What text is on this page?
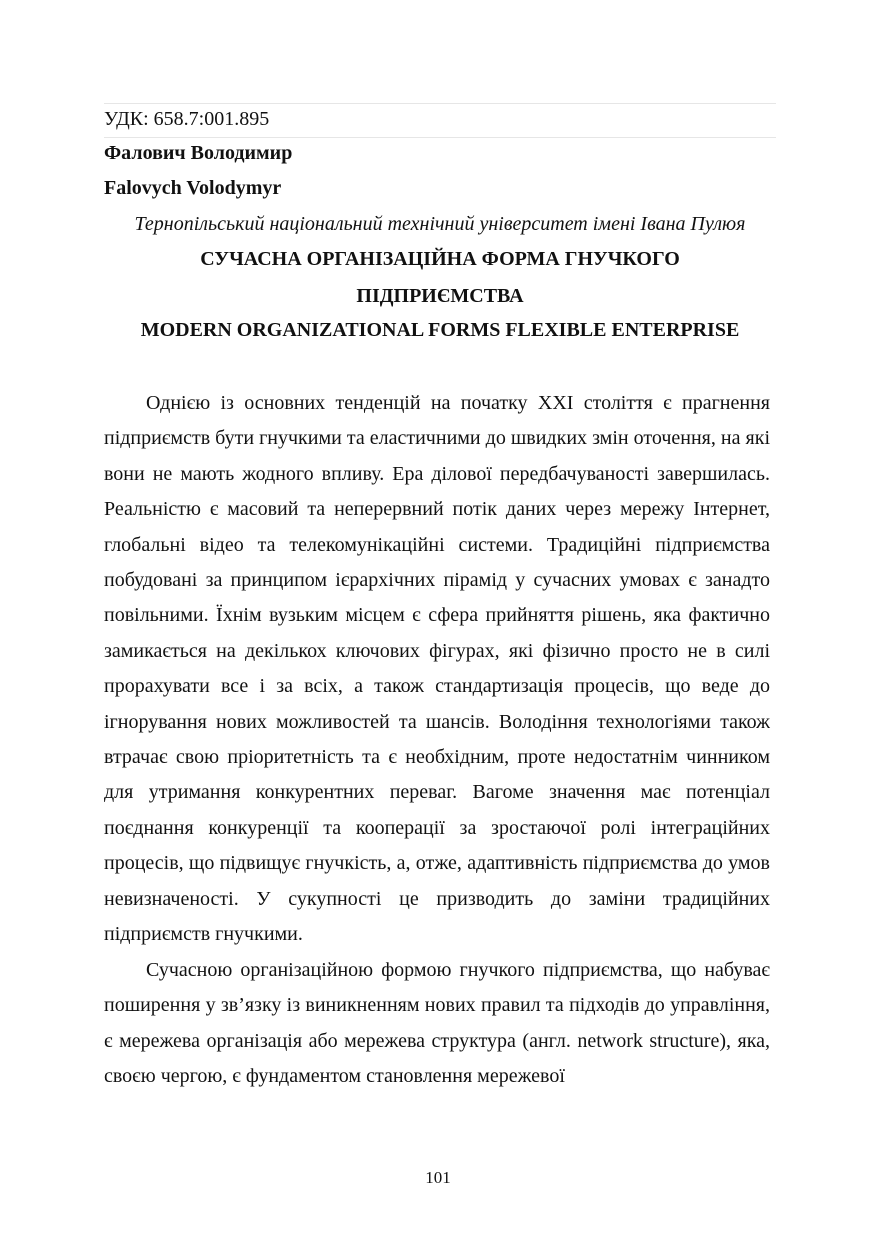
УДК: 658.7:001.895
Фалович Володимир
Falovych Volodymyr
Тернопільський національний технічний університет імені Івана Пулюя
СУЧАСНА ОРГАНІЗАЦІЙНА ФОРМА ГНУЧКОГО
ПІДПРИЄМСТВА
MODERN ORGANIZATIONAL FORMS FLEXIBLE ENTERPRISE
Однією із основних тенденцій на початку ХХІ століття є прагнення підприємств бути гнучкими та еластичними до швидких змін оточення, на які вони не мають жодного впливу. Ера ділової передбачуваності завершилась. Реальністю є масовий та неперервний потік даних через мережу Інтернет, глобальні відео та телекомунікаційні системи. Традиційні підприємства побудовані за принципом ієрархічних пірамід у сучасних умовах є занадто повільними. Їхнім вузьким місцем є сфера прийняття рішень, яка фактично замикається на декількох ключових фігурах, які фізично просто не в силі прорахувати все і за всіх, а також стандартизація процесів, що веде до ігнорування нових можливостей та шансів. Володіння технологіями також втрачає свою пріоритетність та є необхідним, проте недостатнім чинником для утримання конкурентних переваг. Вагоме значення має потенціал поєднання конкуренції та кооперації за зростаючої ролі інтеграційних процесів, що підвищує гнучкість, а, отже, адаптивність підприємства до умов невизначеності. У сукупності це призводить до заміни традиційних підприємств гнучкими.
Сучасною організаційною формою гнучкого підприємства, що набуває поширення у зв’язку із виникненням нових правил та підходів до управління, є мережева організація або мережева структура (англ. network structure), яка, своєю чергою, є фундаментом становлення мережевої
101
